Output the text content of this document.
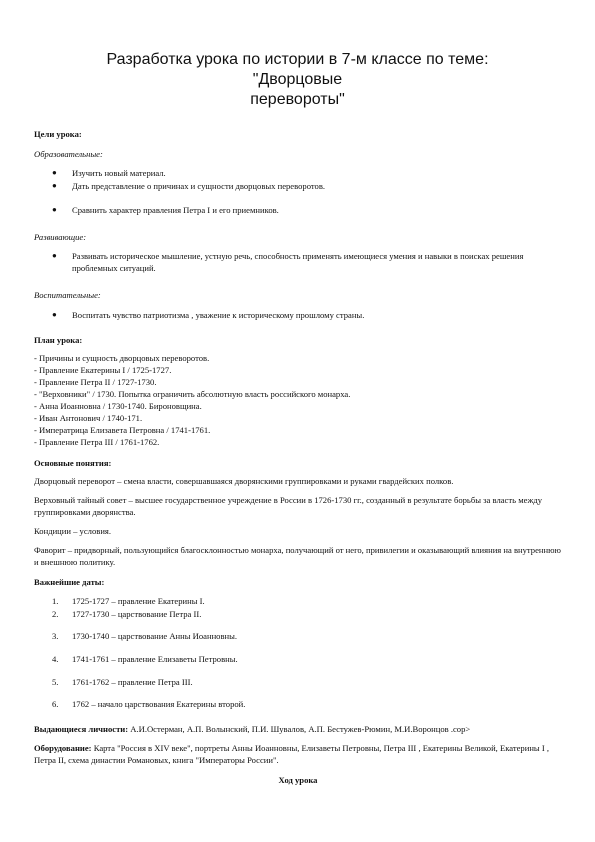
Разработка урока по истории в 7-м классе по теме: "Дворцовые
перевороты"
Цели урока:
Образовательные:
● Изучить новый материал.
● Дать представление о причинах и сущности дворцовых переворотов.
● Сравнить характер правления Петра I и его приемников.
Развивающие:
● Развивать историческое мышление, устную речь, способность применять имеющиеся умения и навыки в поисках решения проблемных ситуаций.
Воспитательные:
● Воспитать чувство патриотизма , уважение к историческому прошлому страны.
План урока:
- Причины и сущность дворцовых переворотов.
- Правление Екатерины I / 1725-1727.
- Правление Петра II / 1727-1730.
- "Верховники" / 1730. Попытка ограничить абсолютную власть российского монарха.
- Анна Иоанновна / 1730-1740. Бироновщина.
- Иван Антонович / 1740-171.
- Императрица Елизавета Петровна / 1741-1761.
- Правление Петра III / 1761-1762.
Основные понятия:
Дворцовый переворот – смена власти, совершавшаяся дворянскими группировками и руками гвардейских полков.
Верховный тайный совет – высшее государственное учреждение в России в 1726-1730 гг., созданный в результате борьбы за власть между группировками дворянства.
Кондиции – условия.
Фаворит – придворный, пользующийся благосклонностью монарха, получающий от него, привилегии и оказывающий влияния на внутреннюю и внешнюю политику.
Важнейшие даты:
1.	1725-1727 – правление Екатерины I.
2.	1727-1730 – царствование Петра II.
3.	1730-1740 – царствование Анны Иоанновны.
4.	1741-1761 – правление Елизаветы Петровны.
5.	1761-1762 – правление Петра III.
6.	1762 – начало царствования Екатерины второй.
Выдающиеся личности: А.И.Остерман, А.П. Волынский, П.И. Шувалов, А.П. Бестужев-Рюмин, М.И.Воронцов .сор>
Оборудование: Карта "Россия в XIV веке", портреты Анны Иоанновны, Елизаветы Петровны, Петра III , Екатерины Великой, Екатерины I , Петра II, схема династии Романовых, книга "Императоры России".
Ход урока
